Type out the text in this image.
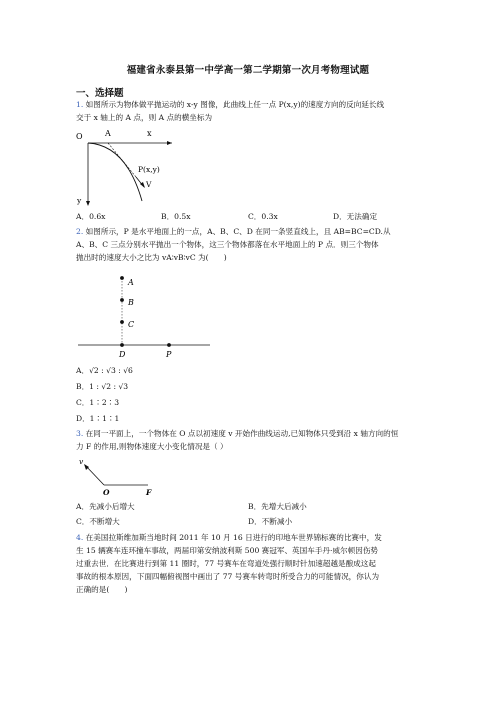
福建省永泰县第一中学高一第二学期第一次月考物理试题
一、选择题
1. 如图所示为物体做平抛运动的 x-y 图像，此曲线上任一点 P(x,y)的速度方向的反向延长线
交于 x 轴上的 A 点，则 A 点的横坐标为
O	A	x
y
P(x,y)
V
A．0.6x	B．0.5x	C．0.3x	D．无法确定
2. 如图所示，P 是水平地面上的一点，A、B、C、D 在同一条竖直线上，且 AB=BC=CD.从
A、B、C 三点分别水平抛出一个物体，这三个物体都落在水平地面上的 P 点．则三个物体
抛出时的速度大小之比为 vA∶vB∶vC 为(　　)
A
B
C
D	P
A．√2 : √3 : √6
B．1 : √2 : √3
C．1∶2∶3
D．1∶1∶1
3. 在同一平面上，一个物体在 O 点以初速度 v 开始作曲线运动,已知物体只受到沿 x 轴方向的恒
力 F 的作用,则物体速度大小变化情况是（ ）
v
O	F
A．先减小后增大	B．先增大后减小
C．不断增大	D．不断减小
4. 在美国拉斯维加斯当地时间 2011 年 10 月 16 日进行的印地车世界锦标赛的比赛中，发
生 15 辆赛车连环撞车事故，两届印第安纳波利斯 500 赛冠军、英国车手丹·威尔顿因伤势
过重去世．在比赛进行到第 11 圈时，77 号赛车在弯道处强行顺时针加速超越是酿成这起
事故的根本原因，下面四幅俯视图中画出了 77 号赛车转弯时所受合力的可能情况，你认为
正确的是(　　)
